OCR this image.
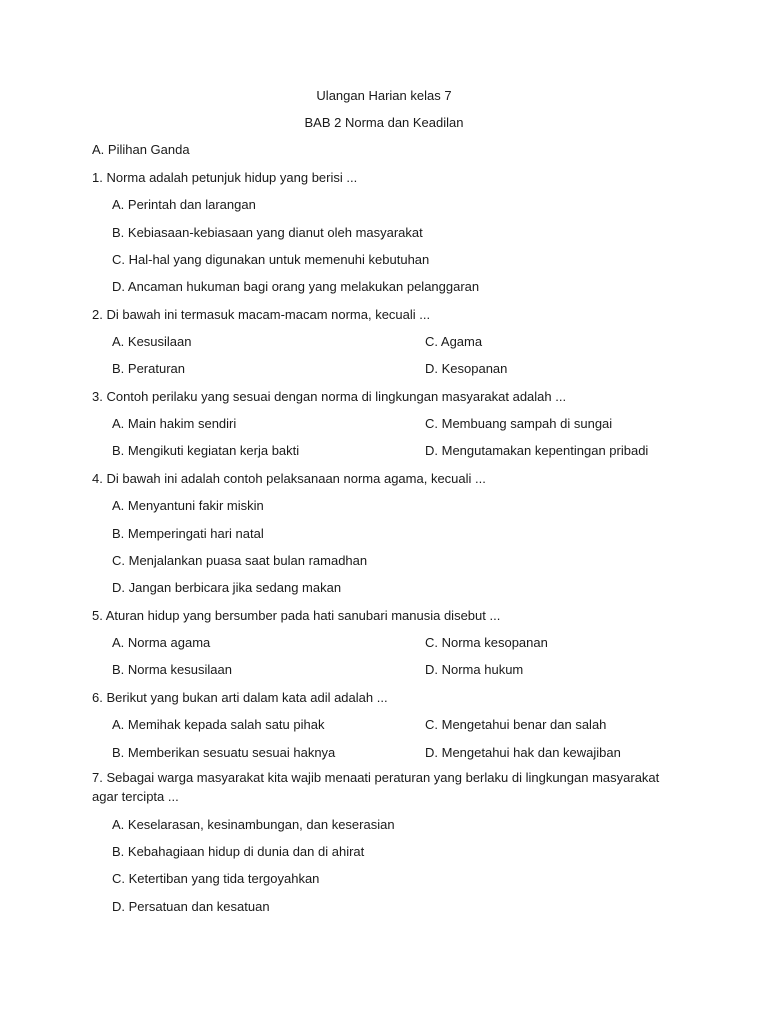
Ulangan Harian kelas 7
BAB 2 Norma dan Keadilan
A. Pilihan Ganda
1. Norma adalah petunjuk hidup yang berisi ...
A. Perintah dan larangan
B. Kebiasaan-kebiasaan yang dianut oleh masyarakat
C. Hal-hal yang digunakan untuk memenuhi kebutuhan
D. Ancaman hukuman bagi orang yang melakukan pelanggaran
2. Di bawah ini termasuk macam-macam norma, kecuali ...
A. Kesusilaan	C. Agama
B. Peraturan	D. Kesopanan
3. Contoh perilaku yang sesuai dengan norma di lingkungan masyarakat adalah ...
A. Main hakim sendiri	C. Membuang sampah di sungai
B. Mengikuti kegiatan kerja bakti	D. Mengutamakan kepentingan pribadi
4. Di bawah ini adalah contoh pelaksanaan norma agama, kecuali ...
A. Menyantuni fakir miskin
B. Memperingati hari natal
C. Menjalankan puasa saat bulan ramadhan
D. Jangan berbicara jika sedang makan
5. Aturan hidup yang bersumber pada hati sanubari manusia disebut ...
A. Norma agama	C. Norma kesopanan
B. Norma kesusilaan	D. Norma hukum
6. Berikut yang bukan arti dalam kata adil adalah ...
A. Memihak kepada salah satu pihak	C. Mengetahui benar dan salah
B. Memberikan sesuatu sesuai haknya	D. Mengetahui hak dan kewajiban
7. Sebagai warga masyarakat kita wajib menaati peraturan yang berlaku di lingkungan masyarakat agar tercipta ...
A. Keselarasan, kesinambungan, dan keserasian
B. Kebahagiaan hidup di dunia dan di ahirat
C. Ketertiban yang tida tergoyahkan
D. Persatuan dan kesatuan
